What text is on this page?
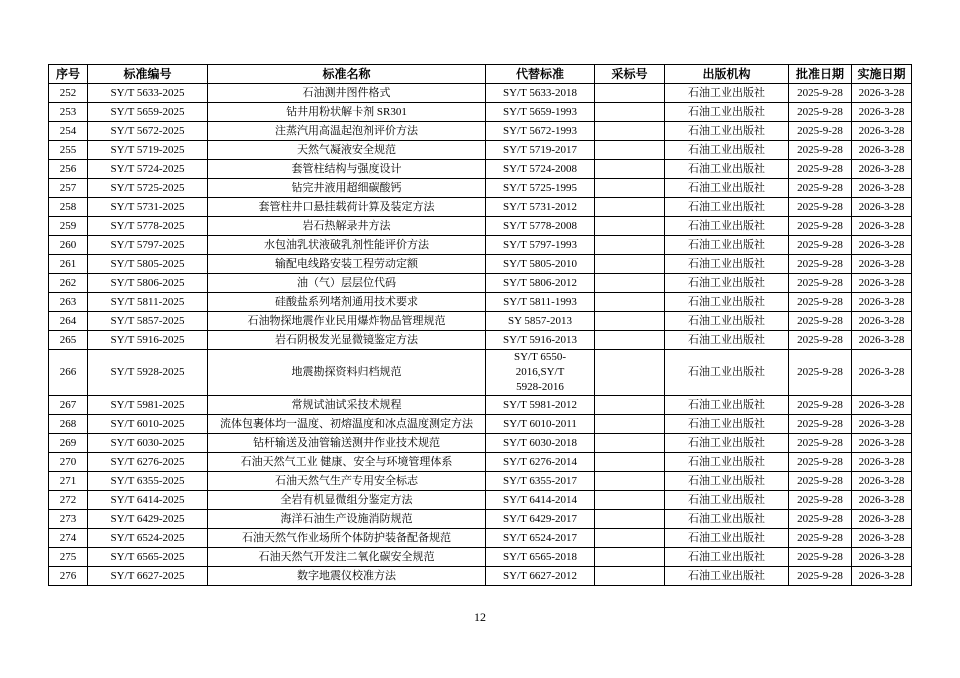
序号	标准编号	标准名称	代替标准	采标号	出版机构	批准日期	实施日期
252	SY/T 5633-2025	石油测井图件格式	SY/T 5633-2018		石油工业出版社	2025-9-28	2026-3-28
253	SY/T 5659-2025	钻井用粉状解卡剂 SR301	SY/T 5659-1993		石油工业出版社	2025-9-28	2026-3-28
254	SY/T 5672-2025	注蒸汽用高温起泡剂评价方法	SY/T 5672-1993		石油工业出版社	2025-9-28	2026-3-28
255	SY/T 5719-2025	天然气凝液安全规范	SY/T 5719-2017		石油工业出版社	2025-9-28	2026-3-28
256	SY/T 5724-2025	套管柱结构与强度设计	SY/T 5724-2008		石油工业出版社	2025-9-28	2026-3-28
257	SY/T 5725-2025	钻完井液用超细碳酸钙	SY/T 5725-1995		石油工业出版社	2025-9-28	2026-3-28
258	SY/T 5731-2025	套管柱井口悬挂载荷计算及装定方法	SY/T 5731-2012		石油工业出版社	2025-9-28	2026-3-28
259	SY/T 5778-2025	岩石热解录井方法	SY/T 5778-2008		石油工业出版社	2025-9-28	2026-3-28
260	SY/T 5797-2025	水包油乳状液破乳剂性能评价方法	SY/T 5797-1993		石油工业出版社	2025-9-28	2026-3-28
261	SY/T 5805-2025	输配电线路安装工程劳动定额	SY/T 5805-2010		石油工业出版社	2025-9-28	2026-3-28
262	SY/T 5806-2025	油（气）层层位代码	SY/T 5806-2012		石油工业出版社	2025-9-28	2026-3-28
263	SY/T 5811-2025	硅酸盐系列堵剂通用技术要求	SY/T 5811-1993		石油工业出版社	2025-9-28	2026-3-28
264	SY/T 5857-2025	石油物探地震作业民用爆炸物品管理规范	SY 5857-2013		石油工业出版社	2025-9-28	2026-3-28
265	SY/T 5916-2025	岩石阴极发光显微镜鉴定方法	SY/T 5916-2013		石油工业出版社	2025-9-28	2026-3-28
266	SY/T 5928-2025	地震勘探资料归档规范	SY/T 6550-2016,SY/T 5928-2016		石油工业出版社	2025-9-28	2026-3-28
267	SY/T 5981-2025	常规试油试采技术规程	SY/T 5981-2012		石油工业出版社	2025-9-28	2026-3-28
268	SY/T 6010-2025	流体包裹体均一温度、初熔温度和冰点温度测定方法	SY/T 6010-2011		石油工业出版社	2025-9-28	2026-3-28
269	SY/T 6030-2025	钻杆输送及油管输送测井作业技术规范	SY/T 6030-2018		石油工业出版社	2025-9-28	2026-3-28
270	SY/T 6276-2025	石油天然气工业 健康、安全与环境管理体系	SY/T 6276-2014		石油工业出版社	2025-9-28	2026-3-28
271	SY/T 6355-2025	石油天然气生产专用安全标志	SY/T 6355-2017		石油工业出版社	2025-9-28	2026-3-28
272	SY/T 6414-2025	全岩有机显微组分鉴定方法	SY/T 6414-2014		石油工业出版社	2025-9-28	2026-3-28
273	SY/T 6429-2025	海洋石油生产设施消防规范	SY/T 6429-2017		石油工业出版社	2025-9-28	2026-3-28
274	SY/T 6524-2025	石油天然气作业场所个体防护装备配备规范	SY/T 6524-2017		石油工业出版社	2025-9-28	2026-3-28
275	SY/T 6565-2025	石油天然气开发注二氧化碳安全规范	SY/T 6565-2018		石油工业出版社	2025-9-28	2026-3-28
276	SY/T 6627-2025	数字地震仪校准方法	SY/T 6627-2012		石油工业出版社	2025-9-28	2026-3-28
12
